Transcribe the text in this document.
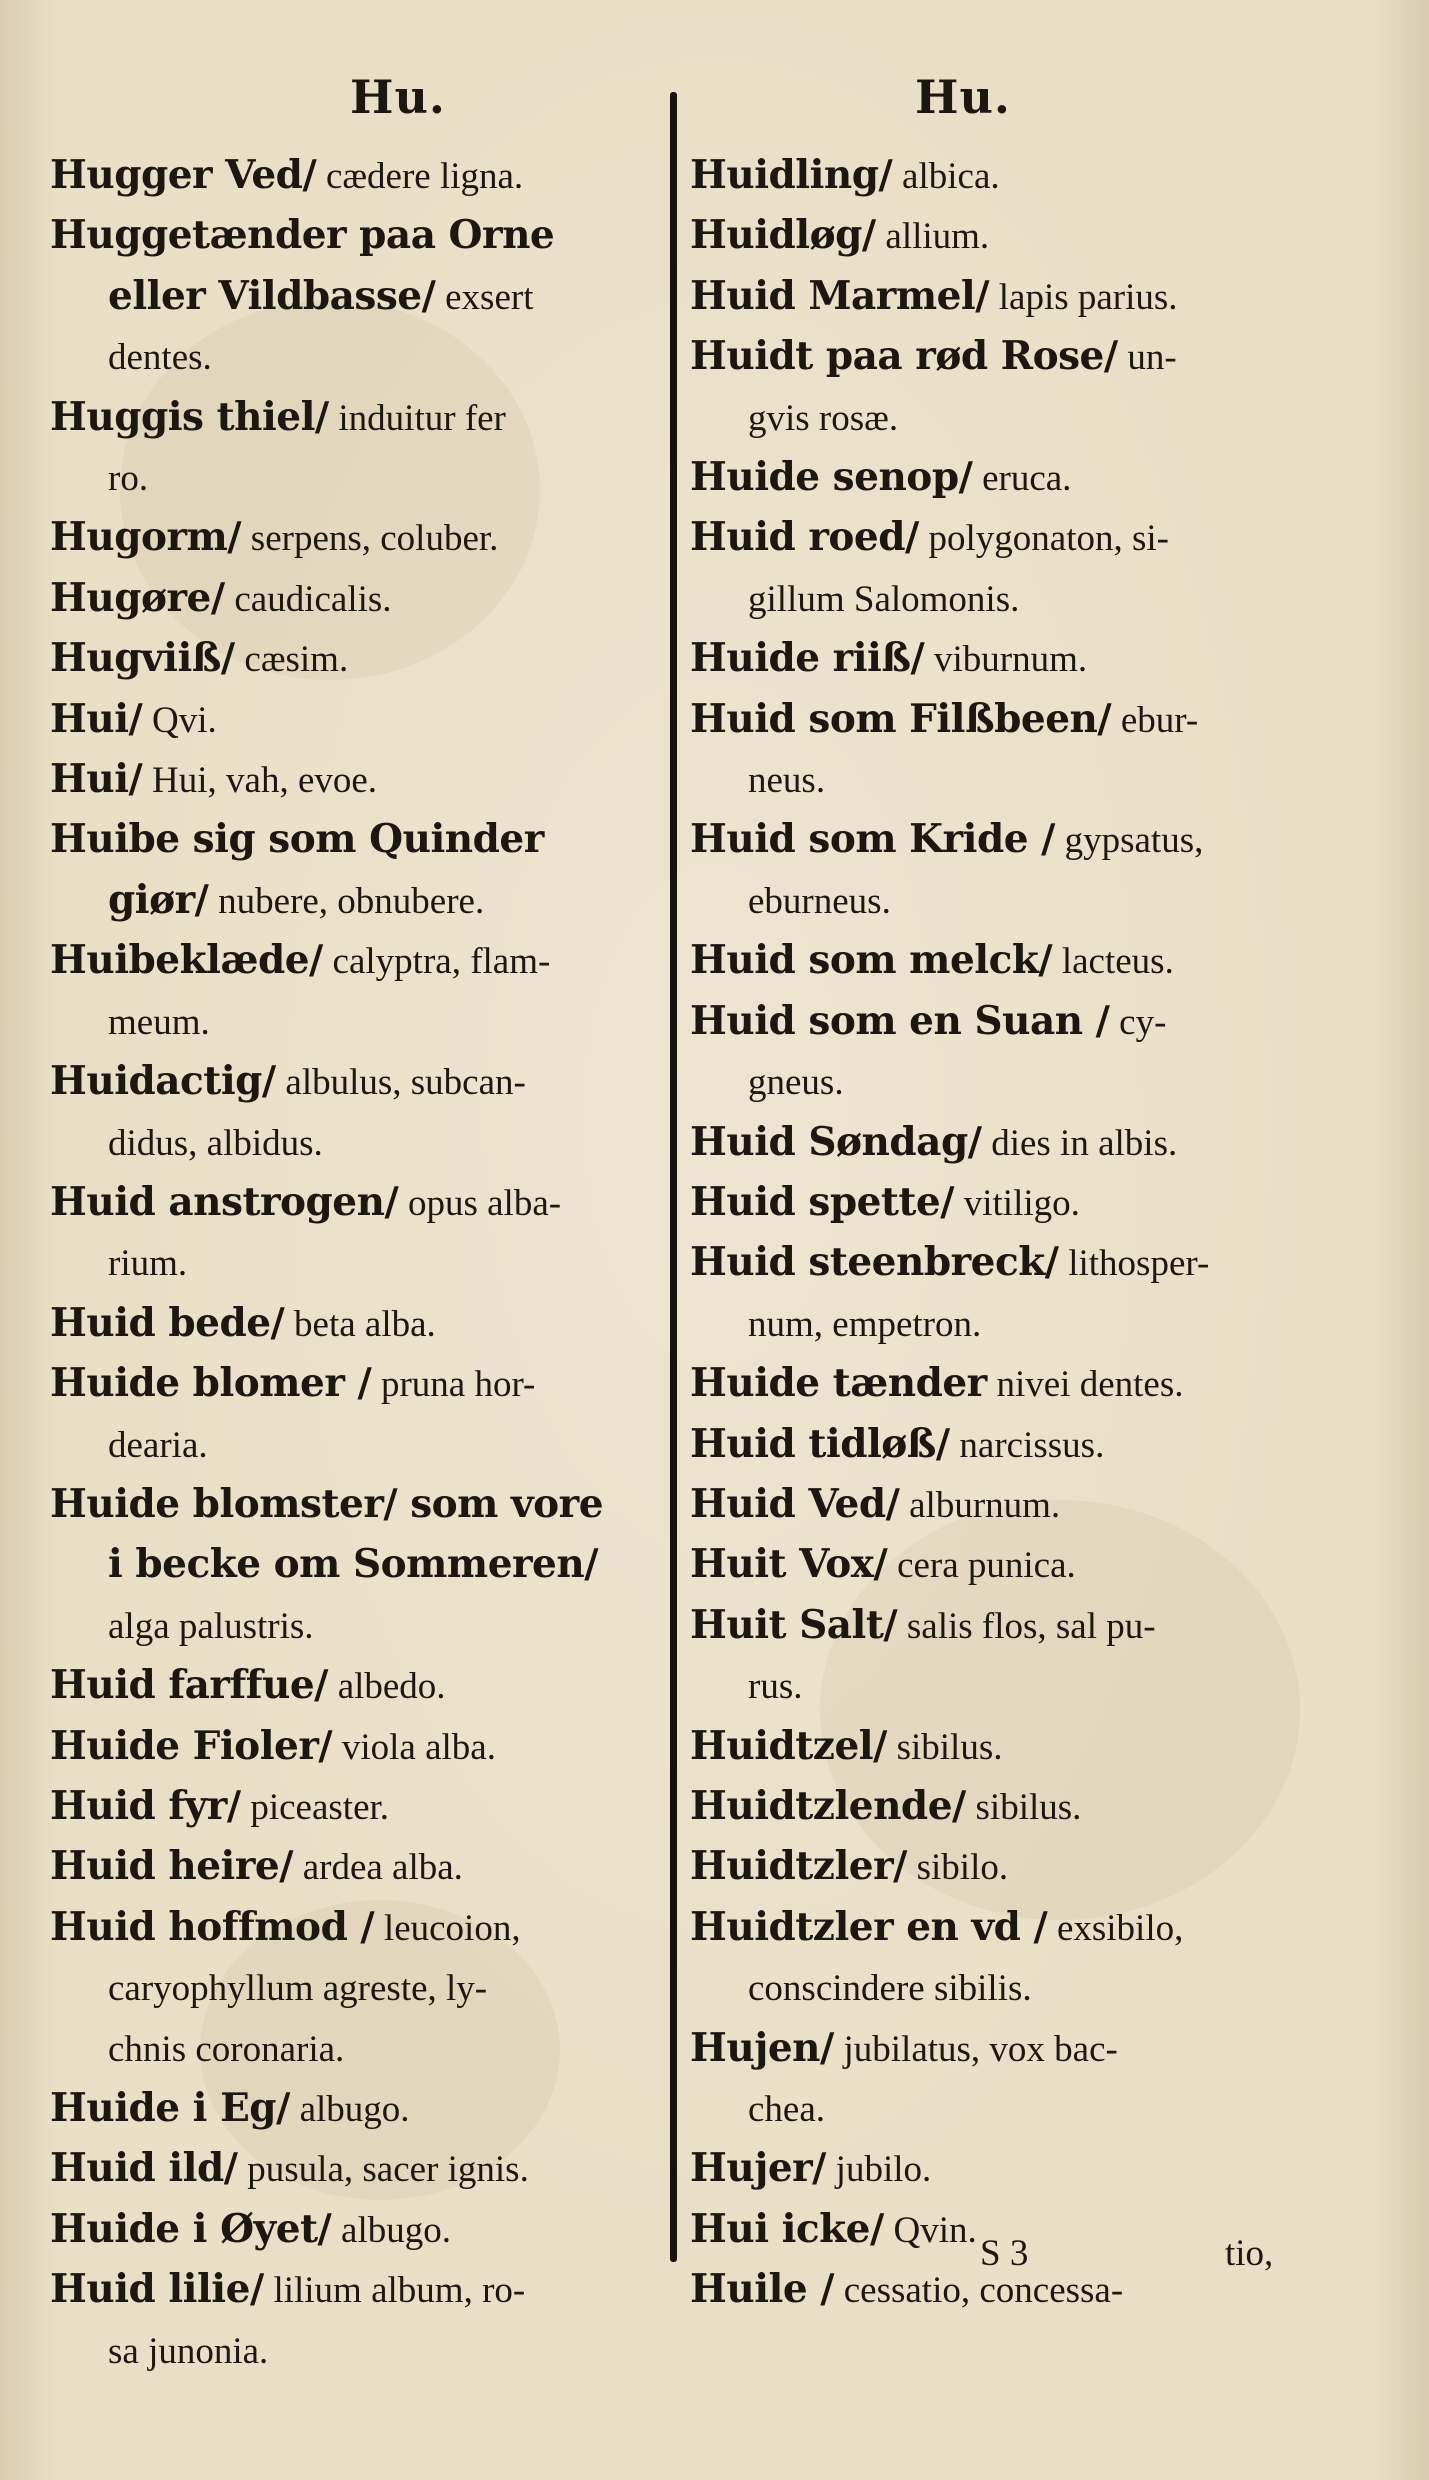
Hu.
Hugger Ved/ cædere ligna.
Huggetænder paa Orne
eller Vildbasse/ exsert
dentes.
Huggis thiel/ induitur fer
ro.
Hugorm/ serpens, coluber.
Hugøre/ caudicalis.
Hugviiß/ cæsim.
Hui/ Qvi.
Hui/ Hui, vah, evoe.
Huibe sig som Quinder
giør/ nubere, obnubere.
Huibeklæde/ calyptra, flam-
meum.
Huidactig/ albulus, subcan-
didus, albidus.
Huid anstrogen/ opus alba-
rium.
Huid bede/ beta alba.
Huide blomer / pruna hor-
dearia.
Huide blomster/ som vore
i becke om Sommeren/
alga palustris.
Huid farffue/ albedo.
Huide Fioler/ viola alba.
Huid fyr/ piceaster.
Huid heire/ ardea alba.
Huid hoffmod / leucoion,
caryophyllum agreste, ly-
chnis coronaria.
Huide i Eg/ albugo.
Huid ild/ pusula, sacer ignis.
Huide i Øyet/ albugo.
Huid lilie/ lilium album, ro-
sa junonia.
Hu.
Huidling/ albica.
Huidløg/ allium.
Huid Marmel/ lapis parius.
Huidt paa rød Rose/ un-
gvis rosæ.
Huide senop/ eruca.
Huid roed/ polygonaton, si-
gillum Salomonis.
Huide riiß/ viburnum.
Huid som Filßbeen/ ebur-
neus.
Huid som Kride / gypsatus,
eburneus.
Huid som melck/ lacteus.
Huid som en Suan / cy-
gneus.
Huid Søndag/ dies in albis.
Huid spette/ vitiligo.
Huid steenbreck/ lithosper-
num, empetron.
Huide tænder nivei dentes.
Huid tidløß/ narcissus.
Huid Ved/ alburnum.
Huit Vox/ cera punica.
Huit Salt/ salis flos, sal pu-
rus.
Huidtzel/ sibilus.
Huidtzlende/ sibilus.
Huidtzler/ sibilo.
Huidtzler en vd / exsibilo,
conscindere sibilis.
Hujen/ jubilatus, vox bac-
chea.
Hujer/ jubilo.
Hui icke/ Qvin.
Huile / cessatio, concessa-
S 3	tio,
